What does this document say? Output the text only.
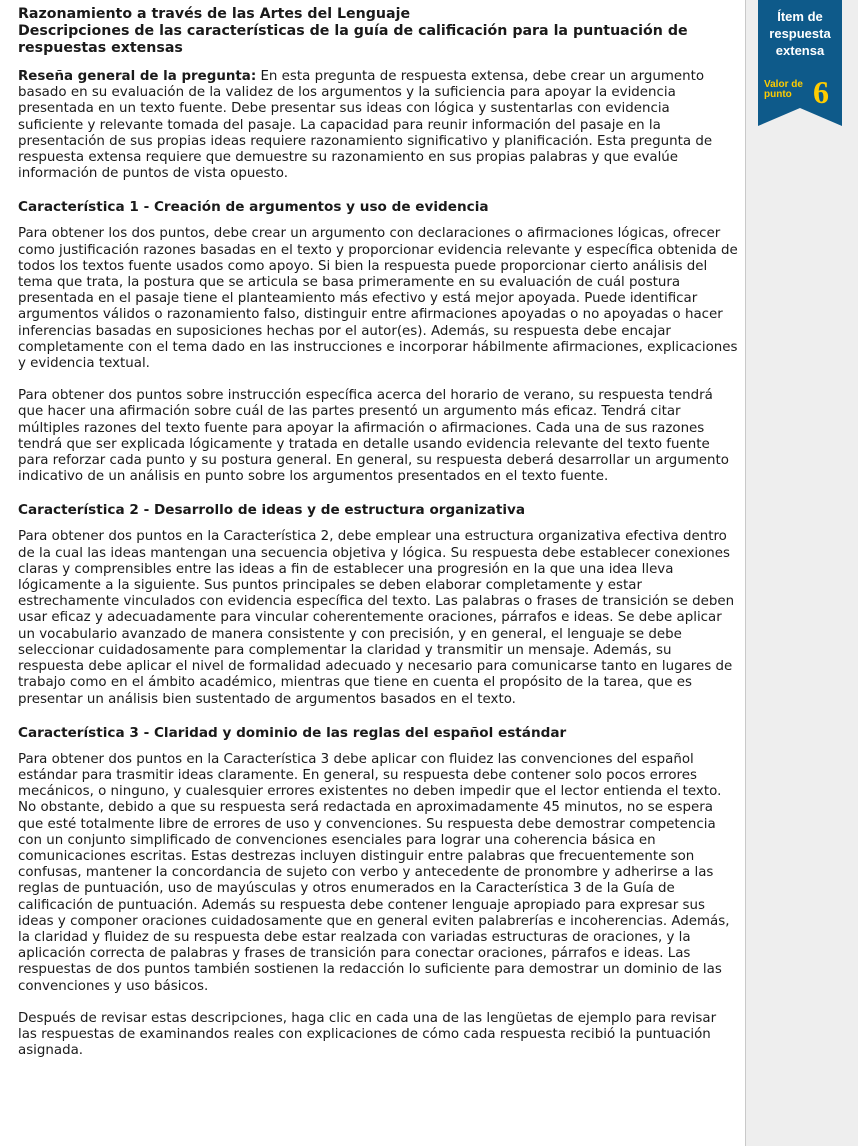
Razonamiento a través de las Artes del Lenguaje

Descripciones de las características de la guía de calificación para la puntuación de respuestas extensas

Reseña general de la pregunta: En esta pregunta de respuesta extensa, debe crear un argumento basado en su evaluación de la validez de los argumentos y la suficiencia para apoyar la evidencia presentada en un texto fuente. Debe presentar sus ideas con lógica y sustentarlas con evidencia suficiente y relevante tomada del pasaje. La capacidad para reunir información del pasaje en la presentación de sus propias ideas requiere razonamiento significativo y planificación. Esta pregunta de respuesta extensa requiere que demuestre su razonamiento en sus propias palabras y que evalúe información de puntos de vista opuesto.

Característica 1 - Creación de argumentos y uso de evidencia

Para obtener los dos puntos, debe crear un argumento con declaraciones o afirmaciones lógicas, ofrecer como justificación razones basadas en el texto y proporcionar evidencia relevante y específica obtenida de todos los textos fuente usados como apoyo. Si bien la respuesta puede proporcionar cierto análisis del tema que trata, la postura que se articula se basa primeramente en su evaluación de cuál postura presentada en el pasaje tiene el planteamiento más efectivo y está mejor apoyada. Puede identificar argumentos válidos o razonamiento falso, distinguir entre afirmaciones apoyadas o no apoyadas o hacer inferencias basadas en suposiciones hechas por el autor(es). Además, su respuesta debe encajar completamente con el tema dado en las instrucciones e incorporar hábilmente afirmaciones, explicaciones y evidencia textual.

Para obtener dos puntos sobre instrucción específica acerca del horario de verano, su respuesta tendrá que hacer una afirmación sobre cuál de las partes presentó un argumento más eficaz. Tendrá citar múltiples razones del texto fuente para apoyar la afirmación o afirmaciones. Cada una de sus razones tendrá que ser explicada lógicamente y tratada en detalle usando evidencia relevante del texto fuente para reforzar cada punto y su postura general. En general, su respuesta deberá desarrollar un argumento indicativo de un análisis en punto sobre los argumentos presentados en el texto fuente.

Característica 2 - Desarrollo de ideas y de estructura organizativa

Para obtener dos puntos en la Característica 2, debe emplear una estructura organizativa efectiva dentro de la cual las ideas mantengan una secuencia objetiva y lógica. Su respuesta debe establecer conexiones claras y comprensibles entre las ideas a fin de establecer una progresión en la que una idea lleva lógicamente a la siguiente. Sus puntos principales se deben elaborar completamente y estar estrechamente vinculados con evidencia específica del texto. Las palabras o frases de transición se deben usar eficaz y adecuadamente para vincular coherentemente oraciones, párrafos e ideas. Se debe aplicar un vocabulario avanzado de manera consistente y con precisión, y en general, el lenguaje se debe seleccionar cuidadosamente para complementar la claridad y transmitir un mensaje. Además, su respuesta debe aplicar el nivel de formalidad adecuado y necesario para comunicarse tanto en lugares de trabajo como en el ámbito académico, mientras que tiene en cuenta el propósito de la tarea, que es presentar un análisis bien sustentado de argumentos basados en el texto.

Característica 3 - Claridad y dominio de las reglas del español estándar

Para obtener dos puntos en la Característica 3 debe aplicar con fluidez las convenciones del español estándar para trasmitir ideas claramente. En general, su respuesta debe contener solo pocos errores mecánicos, o ninguno, y cualesquier errores existentes no deben impedir que el lector entienda el texto. No obstante, debido a que su respuesta será redactada en aproximadamente 45 minutos, no se espera que esté totalmente libre de errores de uso y convenciones. Su respuesta debe demostrar competencia con un conjunto simplificado de convenciones esenciales para lograr una coherencia básica en comunicaciones escritas. Estas destrezas incluyen distinguir entre palabras que frecuentemente son confusas, mantener la concordancia de sujeto con verbo y antecedente de pronombre y adherirse a las reglas de puntuación, uso de mayúsculas y otros enumerados en la Característica 3 de la Guía de calificación de puntuación. Además su respuesta debe contener lenguaje apropiado para expresar sus ideas y componer oraciones cuidadosamente que en general eviten palabrerías e incoherencias. Además, la claridad y fluidez de su respuesta debe estar realzada con variadas estructuras de oraciones, y la aplicación correcta de palabras y frases de transición para conectar oraciones, párrafos e ideas. Las respuestas de dos puntos también sostienen la redacción lo suficiente para demostrar un dominio de las convenciones y uso básicos.

Después de revisar estas descripciones, haga clic en cada una de las lengüetas de ejemplo para revisar las respuestas de examinandos reales con explicaciones de cómo cada respuesta recibió la puntuación asignada.

Ítem de
respuesta
extensa
Valor de
punto 6
